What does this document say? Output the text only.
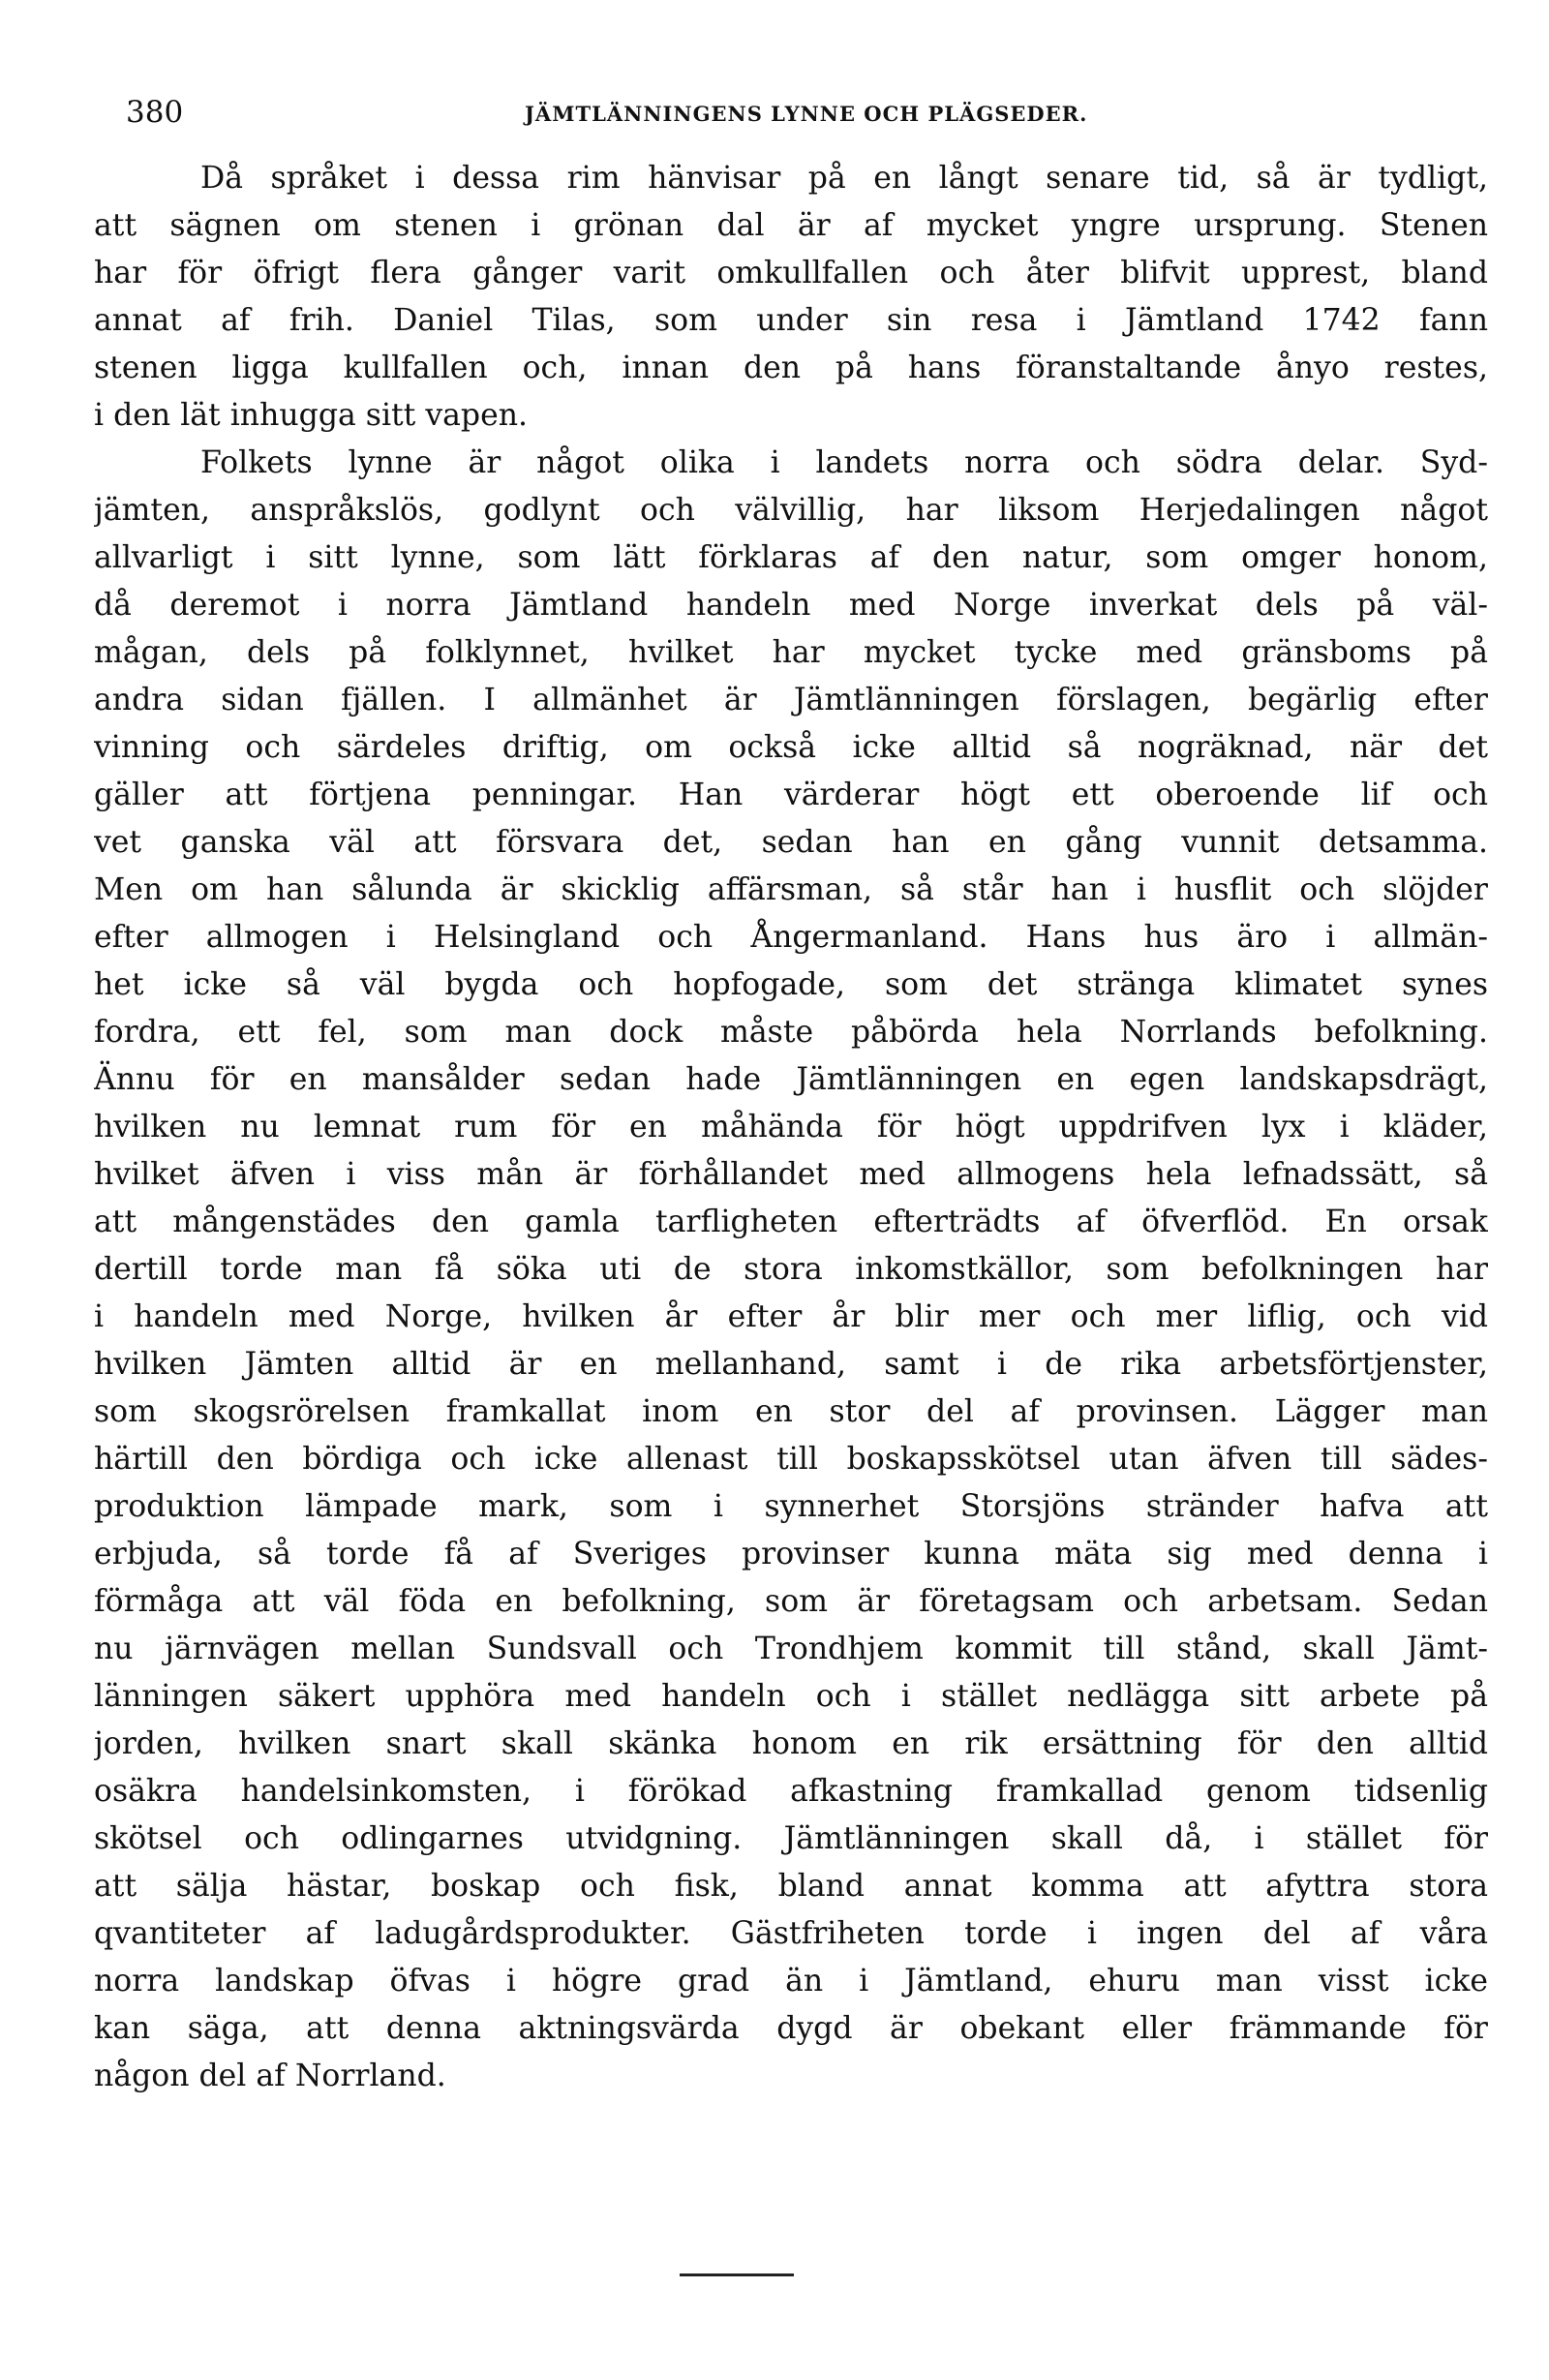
380	JÄMTLÄNNINGENS LYNNE OCH PLÄGSEDER.
Då språket i dessa rim hänvisar på en långt senare tid, så är tydligt,
att sägnen om stenen i grönan dal är af mycket yngre ursprung. Stenen
har för öfrigt flera gånger varit omkullfallen och åter blifvit upprest, bland
annat af frih. Daniel Tilas, som under sin resa i Jämtland 1742 fann
stenen ligga kullfallen och, innan den på hans föranstaltande ånyo restes,
i den lät inhugga sitt vapen.
Folkets lynne är något olika i landets norra och södra delar. Syd-
jämten, anspråkslös, godlynt och välvillig, har liksom Herjedalingen något
allvarligt i sitt lynne, som lätt förklaras af den natur, som omger honom,
då deremot i norra Jämtland handeln med Norge inverkat dels på väl-
mågan, dels på folklynnet, hvilket har mycket tycke med gränsboms på
andra sidan fjällen. I allmänhet är Jämtlänningen förslagen, begärlig efter
vinning och särdeles driftig, om också icke alltid så nogräknad, när det
gäller att förtjena penningar. Han värderar högt ett oberoende lif och
vet ganska väl att försvara det, sedan han en gång vunnit detsamma.
Men om han sålunda är skicklig affärsman, så står han i husflit och slöjder
efter allmogen i Helsingland och Ångermanland. Hans hus äro i allmän-
het icke så väl bygda och hopfogade, som det stränga klimatet synes
fordra, ett fel, som man dock måste påbörda hela Norrlands befolkning.
Ännu för en mansålder sedan hade Jämtlänningen en egen landskapsdrägt,
hvilken nu lemnat rum för en måhända för högt uppdrifven lyx i kläder,
hvilket äfven i viss mån är förhållandet med allmogens hela lefnadssätt, så
att mångenstädes den gamla tarfligheten efterträdts af öfverflöd. En orsak
dertill torde man få söka uti de stora inkomstkällor, som befolkningen har
i handeln med Norge, hvilken år efter år blir mer och mer liflig, och vid
hvilken Jämten alltid är en mellanhand, samt i de rika arbetsförtjenster,
som skogsrörelsen framkallat inom en stor del af provinsen. Lägger man
härtill den bördiga och icke allenast till boskapsskötsel utan äfven till sädes-
produktion lämpade mark, som i synnerhet Storsjöns stränder hafva att
erbjuda, så torde få af Sveriges provinser kunna mäta sig med denna i
förmåga att väl föda en befolkning, som är företagsam och arbetsam. Sedan
nu järnvägen mellan Sundsvall och Trondhjem kommit till stånd, skall Jämt-
länningen säkert upphöra med handeln och i stället nedlägga sitt arbete på
jorden, hvilken snart skall skänka honom en rik ersättning för den alltid
osäkra handelsinkomsten, i förökad afkastning framkallad genom tidsenlig
skötsel och odlingarnes utvidgning. Jämtlänningen skall då, i stället för
att sälja hästar, boskap och fisk, bland annat komma att afyttra stora
qvantiteter af ladugårdsprodukter. Gästfriheten torde i ingen del af våra
norra landskap öfvas i högre grad än i Jämtland, ehuru man visst icke
kan säga, att denna aktningsvärda dygd är obekant eller främmande för
någon del af Norrland.
